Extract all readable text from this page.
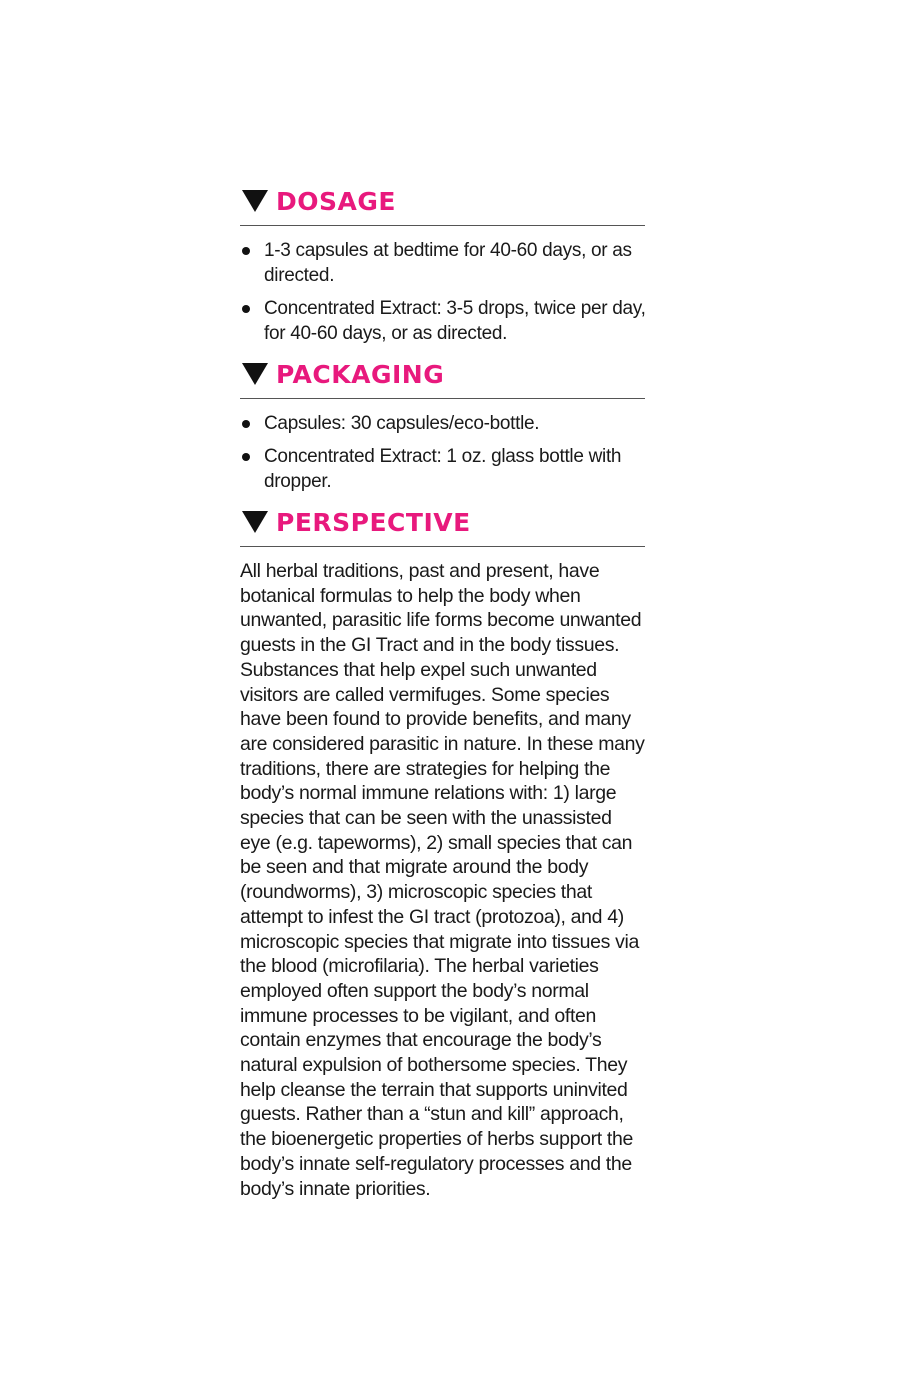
DOSAGE
1-3 capsules at bedtime for 40-60 days, or as directed.
Concentrated Extract: 3-5 drops, twice per day, for 40-60 days, or as directed.
PACKAGING
Capsules: 30 capsules/eco-bottle.
Concentrated Extract: 1 oz. glass bottle with dropper.
PERSPECTIVE

All herbal traditions, past and present, have botanical formulas to help the body when unwanted, parasitic life forms become unwanted guests in the GI Tract and in the body tissues. Substances that help expel such unwanted visitors are called vermifuges. Some species have been found to provide benefits, and many are considered parasitic in nature. In these many traditions, there are strategies for helping the body’s normal immune relations with: 1) large species that can be seen with the unassisted eye (e.g. tapeworms), 2) small species that can be seen and that migrate around the body (roundworms), 3) microscopic species that attempt to infest the GI tract (protozoa), and 4) microscopic species that migrate into tissues via the blood (microfilaria). The herbal varieties employed often support the body’s normal immune processes to be vigilant, and often contain enzymes that encourage the body’s natural expulsion of bothersome species. They help cleanse the terrain that supports uninvited guests. Rather than a “stun and kill” approach, the bioenergetic properties of herbs support the body’s innate self-regulatory processes and the body’s innate priorities.
